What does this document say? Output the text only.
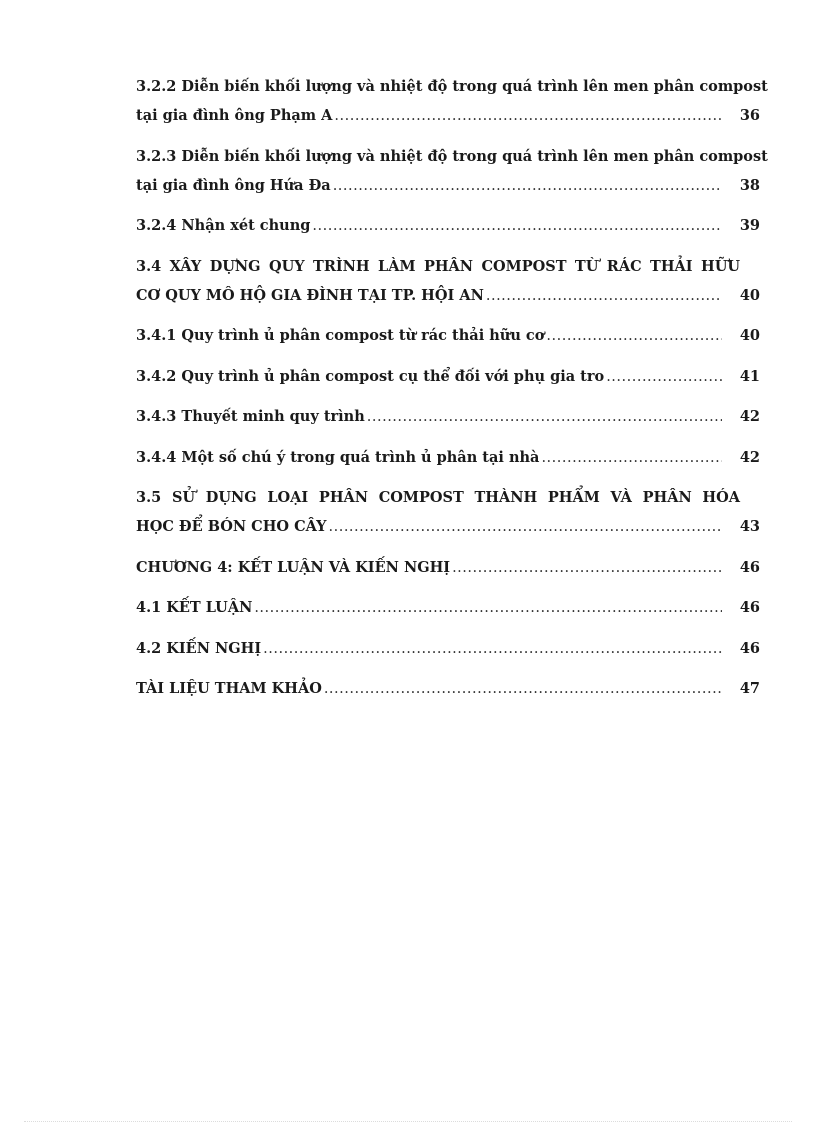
3.2.2 Diễn biến khối lượng và nhiệt độ trong quá trình lên men phân compost
tại gia đình ông Phạm A .....	36
3.2.3 Diễn biến khối lượng và nhiệt độ trong quá trình lên men phân compost
tại gia đình ông Hứa Đa .....	38
3.2.4 Nhận xét chung .....	39
3.4 XÂY DỰNG QUY TRÌNH LÀM PHÂN COMPOST TỪ RÁC THẢI HỮU
CƠ QUY MÔ HỘ GIA ĐÌNH TẠI TP. HỘI AN .....	40
3.4.1 Quy trình ủ phân compost từ rác thải hữu cơ .....	40
3.4.2 Quy trình ủ phân compost cụ thể đối với phụ gia tro .....	41
3.4.3 Thuyết minh quy trình .....	42
3.4.4 Một số chú ý trong quá trình ủ phân tại nhà .....	42
3.5 SỬ DỤNG LOẠI PHÂN COMPOST THÀNH PHẨM VÀ PHÂN HÓA
HỌC ĐỂ BÓN CHO CÂY .....	43
CHƯƠNG 4: KẾT LUẬN VÀ KIẾN NGHỊ .....	46
4.1 KẾT LUẬN .....	46
4.2 KIẾN NGHỊ .....	46
TÀI LIỆU THAM KHẢO .....	47
